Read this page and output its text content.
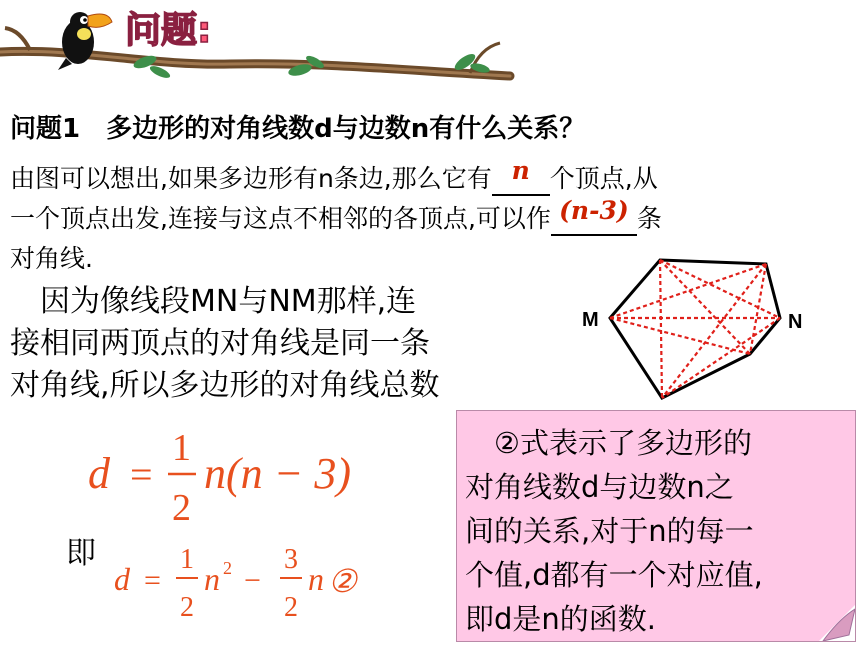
问题:
问题1　多边形的对角线数d与边数n有什么关系？
由图可以想出,如果多边形有n条边,那么它有 n 个顶点,从
一个顶点出发,连接与这点不相邻的各顶点,可以作 (n-3) 条
对角线.
　因为像线段MN与NM那样,连
接相同两顶点的对角线是同一条
对角线,所以多边形的对角线总数
M	N
d =
1
2
n(n − 3)
即
d =
1
2
n 2 −
3
2
n ②
　②式表示了多边形的
对角线数d与边数n之
间的关系,对于n的每一
个值,d都有一个对应值,
即d是n的函数.
